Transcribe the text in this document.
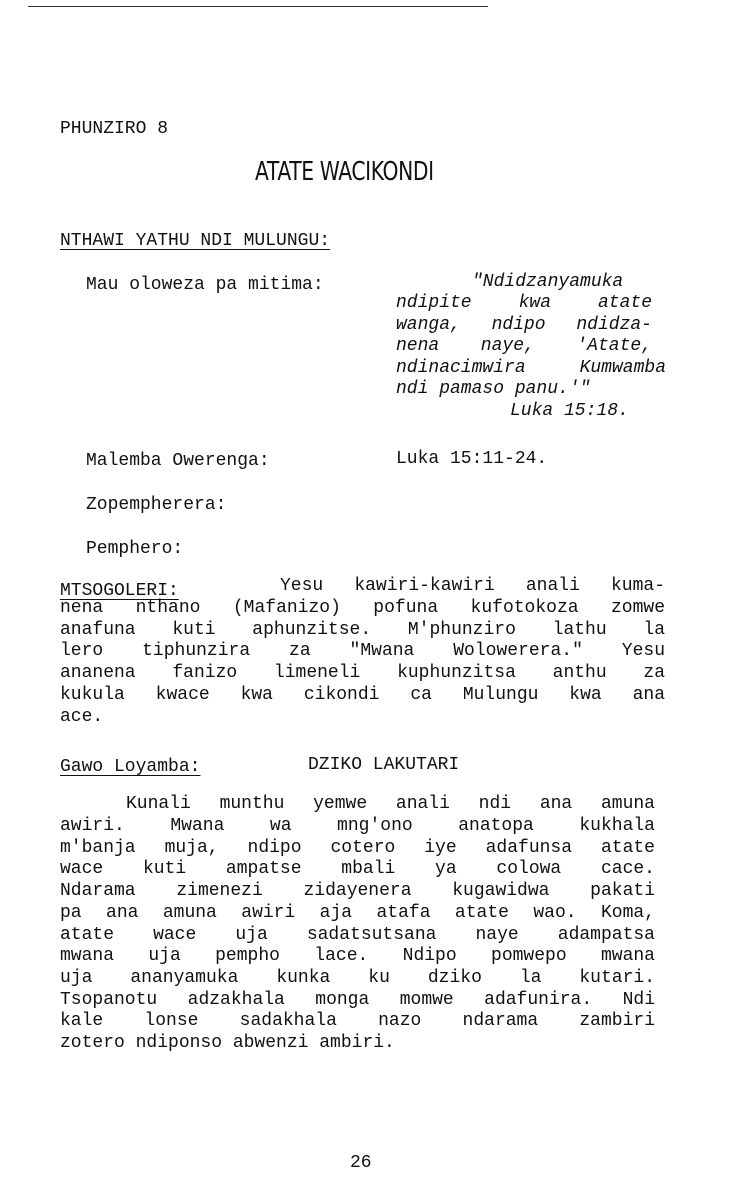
PHUNZIRO 8
ATATE WACIKONDI
NTHAWI YATHU NDI MULUNGU:
Mau oloweza pa mitima:	"Ndidzanyamuka
ndipite kwa atate
wanga, ndipo ndidza-
nena naye, 'Atate,
ndinacimwira Kumwamba
ndi pamaso panu.'"
Luka 15:18.
Malemba Owerenga:	Luka 15:11-24.
Zopempherera:
Pemphero:
MTSOGOLERI:	Yesu kawiri-kawiri anali kuma-
nena nthano (Mafanizo) pofuna kufotokoza zomwe
anafuna kuti aphunzitse. M'phunziro lathu la
lero tiphunzira za "Mwana Wolowerera." Yesu
ananena fanizo limeneli kuphunzitsa anthu za
kukula kwace kwa cikondi ca Mulungu kwa ana
ace.
Gawo Loyamba:	DZIKO LAKUTARI
Kunali munthu yemwe anali ndi ana amuna
awiri. Mwana wa mng'ono anatopa kukhala
m'banja muja, ndipo cotero iye adafunsa atate
wace kuti ampatse mbali ya colowa cace.
Ndarama zimenezi zidayenera kugawidwa pakati
pa ana amuna awiri aja atafa atate wao. Koma,
atate wace uja sadatsutsana naye adampatsa
mwana uja pempho lace. Ndipo pomwepo mwana
uja ananyamuka kunka ku dziko la kutari.
Tsopanotu adzakhala monga momwe adafunira. Ndi
kale lonse sadakhala nazo ndarama zambiri
zotero ndiponso abwenzi ambiri.
26
